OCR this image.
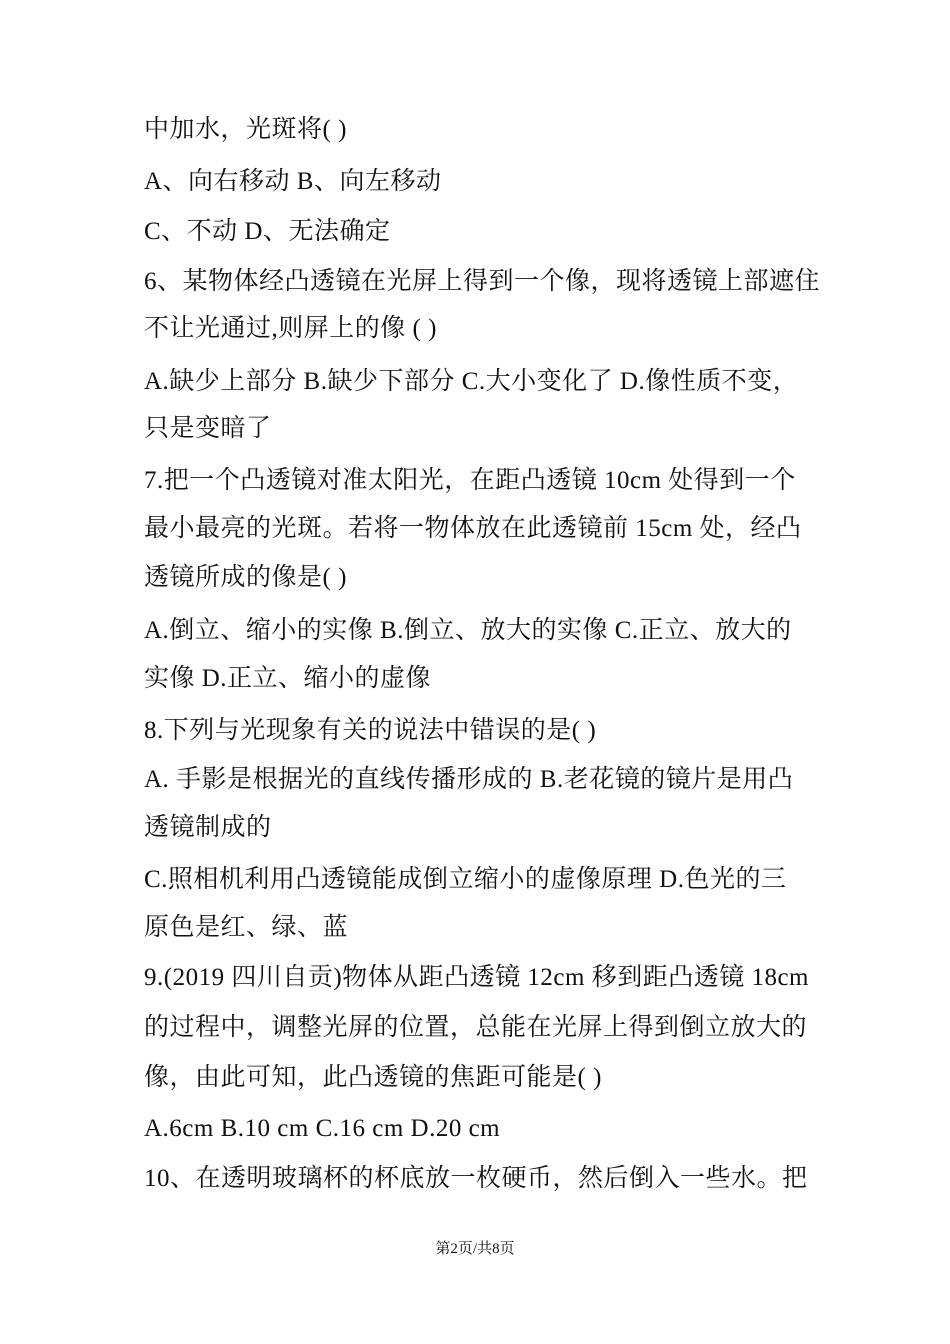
中加水，光斑将( )
A、向右移动 B、向左移动
C、不动 D、无法确定
6、某物体经凸透镜在光屏上得到一个像，现将透镜上部遮住
不让光通过,则屏上的像 ( )
A.缺少上部分 B.缺少下部分 C.大小变化了 D.像性质不变，
只是变暗了
7.把一个凸透镜对准太阳光，在距凸透镜 10cm 处得到一个
最小最亮的光斑。若将一物体放在此透镜前 15cm 处，经凸
透镜所成的像是( )
A.倒立、缩小的实像 B.倒立、放大的实像 C.正立、放大的
实像 D.正立、缩小的虚像
8.下列与光现象有关的说法中错误的是( )
A. 手影是根据光的直线传播形成的 B.老花镜的镜片是用凸
透镜制成的
C.照相机利用凸透镜能成倒立缩小的虚像原理 D.色光的三
原色是红、绿、蓝
9.(2019 四川自贡)物体从距凸透镜 12cm 移到距凸透镜 18cm
的过程中，调整光屏的位置，总能在光屏上得到倒立放大的
像，由此可知，此凸透镜的焦距可能是( )
A.6cm B.10 cm C.16 cm D.20 cm
10、在透明玻璃杯的杯底放一枚硬币，然后倒入一些水。把
第2页/共8页
